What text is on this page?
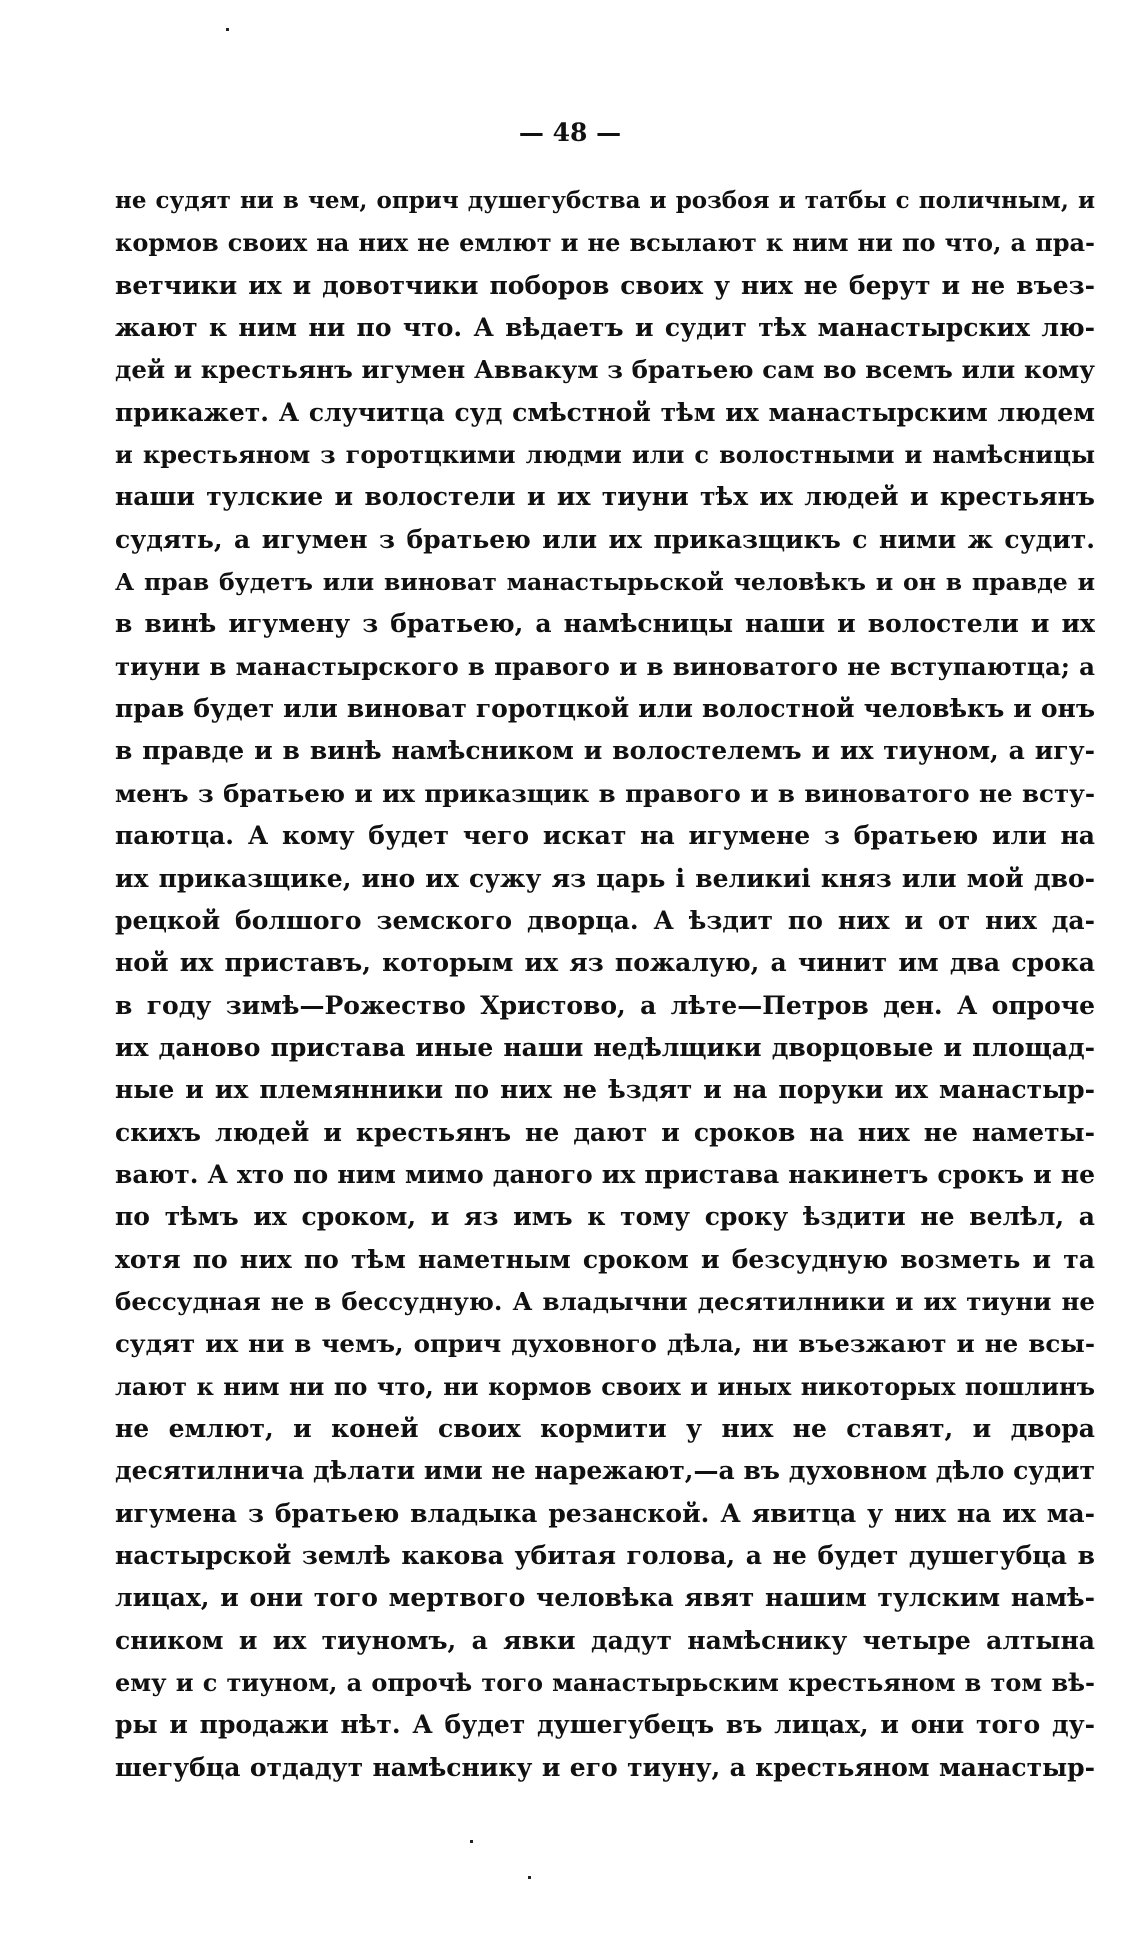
— 48 —
не судят ни в чем, оприч душегубства и розбоя и татбы с поличным, и
кормов своих на них не емлют и не всылают к ним ни по что, а пра-
ветчики их и довотчики поборов своих у них не берут и не въез-
жают к ним ни по что. А вѣдаетъ и судит тѣх манастырских лю-
дей и крестьянъ игумен Аввакум з братьею сам во всемъ или кому
прикажет. А случитца суд смѣстной тѣм их манастырским людем
и крестьяном з горотцкими людми или с волостными и намѣсницы
наши тулские и волостели и их тиуни тѣх их людей и крестьянъ
судять, а игумен з братьею или их приказщикъ с ними ж судит.
А прав будетъ или виноват манастырьской человѣкъ и он в правде и
в винѣ игумену з братьею, а намѣсницы наши и волостели и их
тиуни в манастырского в правого и в виноватого не вступаютца; а
прав будет или виноват горотцкой или волостной человѣкъ и онъ
в правде и в винѣ намѣсником и волостелемъ и их тиуном, а игу-
менъ з братьею и их приказщик в правого и в виноватого не всту-
паютца. А кому будет чего искат на игумене з братьею или на
их приказщике, ино их сужу яз царь і великиі княз или мой дво-
рецкой болшого земского дворца. А ѣздит по них и от них да-
ной их приставъ, которым их яз пожалую, а чинит им два срока
в году зимѣ—Рожество Христово, а лѣте—Петров ден. А опроче
их даново пристава иные наши недѣлщики дворцовые и площад-
ные и их племянники по них не ѣздят и на поруки их манастыр-
скихъ людей и крестьянъ не дают и сроков на них не наметы-
вают. А хто по ним мимо даного их пристава накинетъ срокъ и не
по тѣмъ их сроком, и яз имъ к тому сроку ѣздити не велѣл, а
хотя по них по тѣм наметным сроком и безсудную возметь и та
бессудная не в бессудную. А владычни десятилники и их тиуни не
судят их ни в чемъ, оприч духовного дѣла, ни въезжают и не всы-
лают к ним ни по что, ни кормов своих и иных никоторых пошлинъ
не емлют, и коней своих кормити у них не ставят, и двора
десятилнича дѣлати ими не нарежают,—а въ духовном дѣло судит
игумена з братьею владыка резанской. А явитца у них на их ма-
настырской землѣ какова убитая голова, а не будет душегубца в
лицах, и они того мертвого человѣка явят нашим тулским намѣ-
сником и их тиуномъ, а явки дадут намѣснику четыре алтына
ему и с тиуном, а опрочѣ того манастырьским крестьяном в том вѣ-
ры и продажи нѣт. А будет душегубецъ въ лицах, и они того ду-
шегубца отдадут намѣснику и его тиуну, а крестьяном манастыр-
